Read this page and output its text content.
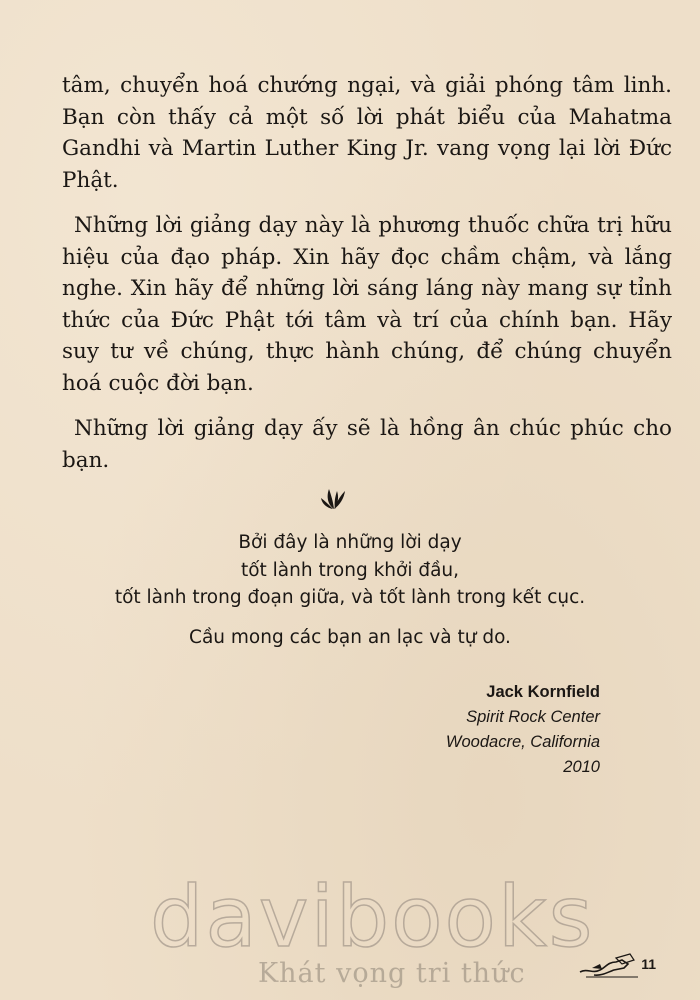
tâm, chuyển hoá chướng ngại, và giải phóng tâm linh. Bạn còn thấy cả một số lời phát biểu của Mahatma Gandhi và Martin Luther King Jr. vang vọng lại lời Đức Phật.

Những lời giảng dạy này là phương thuốc chữa trị hữu hiệu của đạo pháp. Xin hãy đọc chầm chậm, và lắng nghe. Xin hãy để những lời sáng láng này mang sự tỉnh thức của Đức Phật tới tâm và trí của chính bạn. Hãy suy tư về chúng, thực hành chúng, để chúng chuyển hoá cuộc đời bạn.

Những lời giảng dạy ấy sẽ là hồng ân chúc phúc cho bạn.

Bởi đây là những lời dạy
tốt lành trong khởi đầu,
tốt lành trong đoạn giữa, và tốt lành trong kết cục.
Cầu mong các bạn an lạc và tự do.
Jack Kornfield
Spirit Rock Center
Woodacre, California
2010
davibooks
Khát vọng tri thức	11
